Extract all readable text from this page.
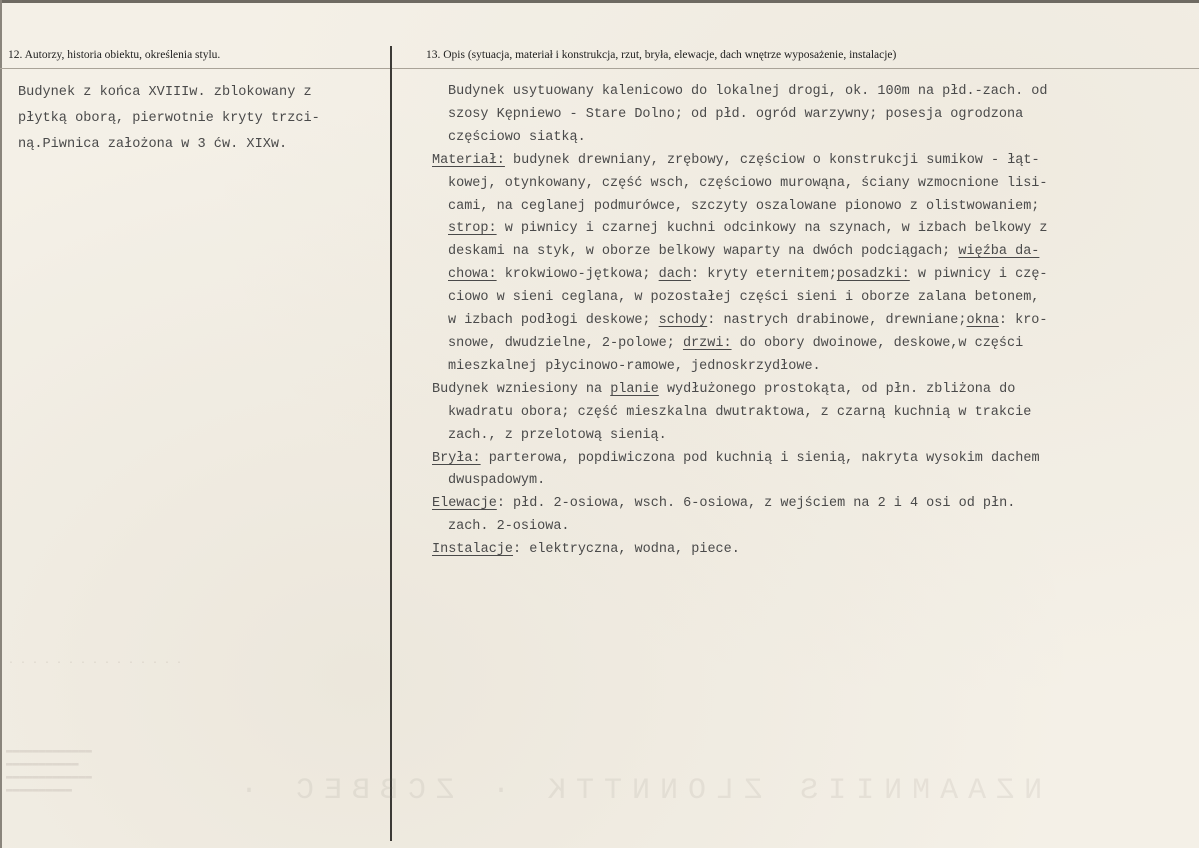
NZAAMNIIS ZLONNTTK · ZCBBEC ·
· · · · · · · · · · · · · · ·
▬▬▬▬▬▬▬▬▬▬▬▬▬
▬▬▬▬▬▬▬▬▬▬▬
▬▬▬▬▬▬▬▬▬▬▬▬▬
▬▬▬▬▬▬▬▬▬▬
12. Autorzy, historia obiektu, określenia stylu.	13. Opis (sytuacja, materiał i konstrukcja, rzut, bryła, elewacje, dach wnętrze wyposażenie, instalacje)
Budynek z końca XVIIIw. zblokowany z
płytką oborą, pierwotnie kryty trzci-
ną.Piwnica założona w 3 ćw. XIXw.
Budynek usytuowany kalenicowo do lokalnej drogi, ok. 100m na płd.-zach. od
szosy Kępniewo - Stare Dolno; od płd. ogród warzywny; posesja ogrodzona
częściowo siatką.
Materiał: budynek drewniany, zrębowy, częściow o konstrukcji sumikow - łąt-
kowej, otynkowany, część wsch, częściowo murowąna, ściany wzmocnione lisi-
cami, na ceglanej podmurówce, szczyty oszalowane pionowo z olistwowaniem;
strop: w piwnicy i czarnej kuchni odcinkowy na szynach, w izbach belkowy z
deskami na styk, w oborze belkowy waparty na dwóch podciągach; więźba da-
chowa: krokwiowo-jętkowa; dach: kryty eternitem;posadzki: w piwnicy i czę-
ciowo w sieni ceglana, w pozostałej części sieni i oborze zalana betonem,
w izbach podłogi deskowe; schody: nastrych drabinowe, drewniane;okna: kro-
snowe, dwudzielne, 2-polowe; drzwi: do obory dwoinowe, deskowe,w części
mieszkalnej płycinowo-ramowe, jednoskrzydłowe.
Budynek wzniesiony na planie wydłużonego prostokąta, od płn. zbliżona do
kwadratu obora; część mieszkalna dwutraktowa, z czarną kuchnią w trakcie
zach., z przelotową sienią.
Bryła: parterowa, popdiwiczona pod kuchnią i sienią, nakryta wysokim dachem
dwuspadowym.
Elewacje: płd. 2-osiowa, wsch. 6-osiowa, z wejściem na 2 i 4 osi od płn.
zach. 2-osiowa.
Instalacje: elektryczna, wodna, piece.
